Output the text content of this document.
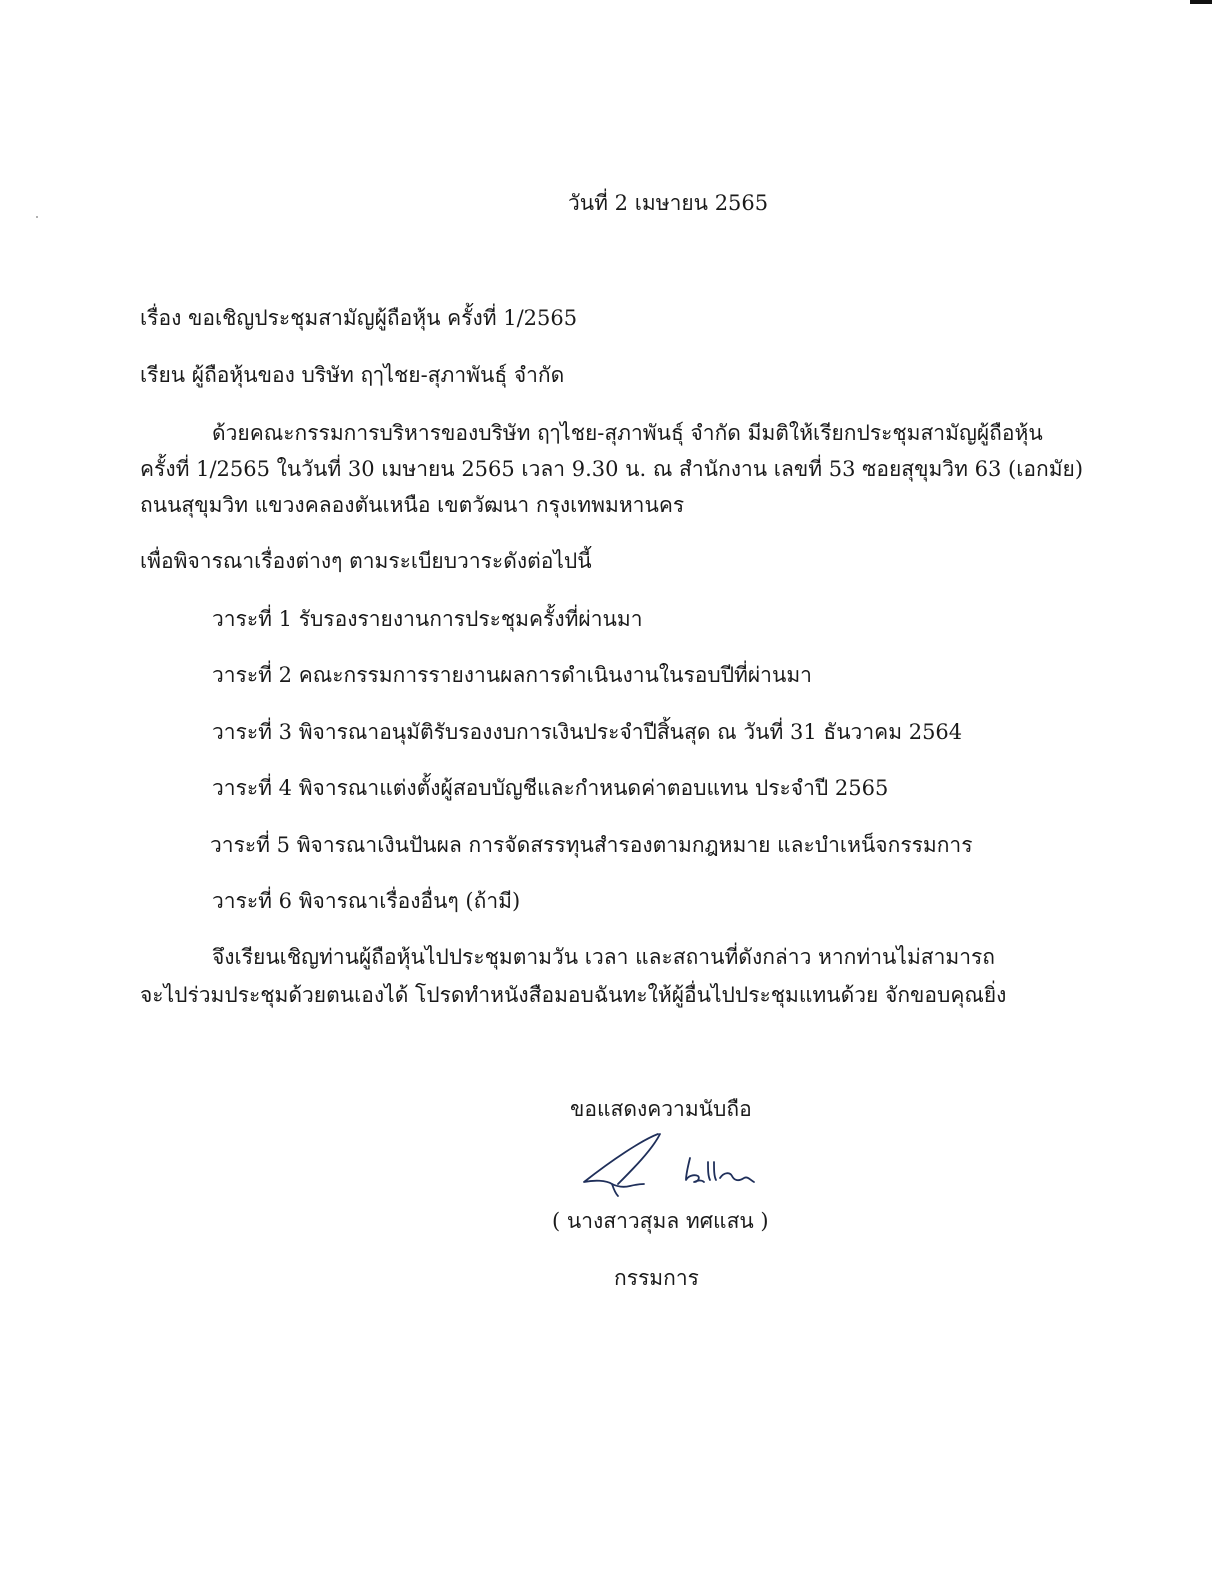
วันที่ 2 เมษายน 2565
เรื่อง ขอเชิญประชุมสามัญผู้ถือหุ้น ครั้งที่ 1/2565
เรียน ผู้ถือหุ้นของ บริษัท ฤๅไชย-สุภาพันธุ์ จำกัด
ด้วยคณะกรรมการบริหารของบริษัท ฤๅไชย-สุภาพันธุ์ จำกัด มีมติให้เรียกประชุมสามัญผู้ถือหุ้น
ครั้งที่ 1/2565 ในวันที่ 30 เมษายน 2565 เวลา 9.30 น. ณ สำนักงาน เลขที่ 53 ซอยสุขุมวิท 63 (เอกมัย)
ถนนสุขุมวิท แขวงคลองตันเหนือ เขตวัฒนา กรุงเทพมหานคร
เพื่อพิจารณาเรื่องต่างๆ ตามระเบียบวาระดังต่อไปนี้
วาระที่ 1 รับรองรายงานการประชุมครั้งที่ผ่านมา
วาระที่ 2 คณะกรรมการรายงานผลการดำเนินงานในรอบปีที่ผ่านมา
วาระที่ 3 พิจารณาอนุมัติรับรองงบการเงินประจำปีสิ้นสุด ณ วันที่ 31 ธันวาคม 2564
วาระที่ 4 พิจารณาแต่งตั้งผู้สอบบัญชีและกำหนดค่าตอบแทน ประจำปี 2565
วาระที่ 5 พิจารณาเงินปันผล การจัดสรรทุนสำรองตามกฎหมาย และบำเหน็จกรรมการ
วาระที่ 6 พิจารณาเรื่องอื่นๆ (ถ้ามี)
จึงเรียนเชิญท่านผู้ถือหุ้นไปประชุมตามวัน เวลา และสถานที่ดังกล่าว หากท่านไม่สามารถ
จะไปร่วมประชุมด้วยตนเองได้ โปรดทำหนังสือมอบฉันทะให้ผู้อื่นไปประชุมแทนด้วย จักขอบคุณยิ่ง
ขอแสดงความนับถือ
( นางสาวสุมล ทศแสน )
กรรมการ
